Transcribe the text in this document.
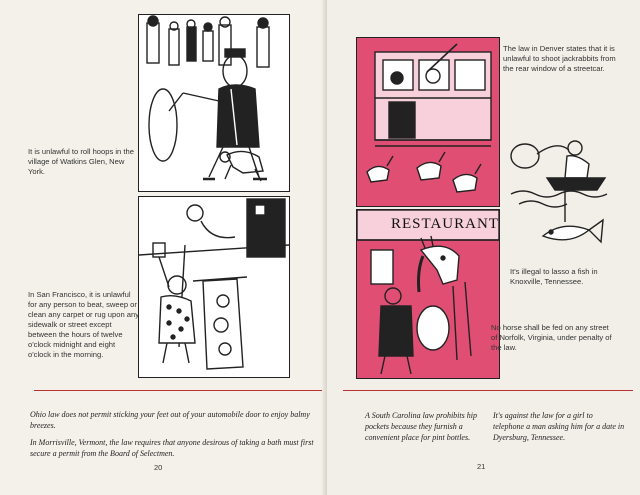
It is unlawful to roll hoops in the village of Watkins Glen, New York.
In San Francisco, it is unlawful for any person to beat, sweep or clean any carpet or rug upon any sidewalk or street except between the hours of twelve o'clock midnight and eight o'clock in the morning.
Ohio law does not permit sticking your feet out of your automobile door to enjoy balmy breezes.
In Morrisville, Vermont, the law requires that anyone desirous of taking a bath must first secure a permit from the Board of Selectmen.
20
The law in Denver states that it is unlawful to shoot jackrabbits from the rear window of a streetcar.
It's illegal to lasso a fish in Knoxville, Tennessee.
RESTAURANT
No horse shall be fed on any street of Norfolk, Virginia, under penalty of the law.
A South Carolina law prohibits hip pockets because they furnish a convenient place for pint bottles.
It's against the law for a girl to telephone a man asking him for a date in Dyersburg, Tennessee.
21
